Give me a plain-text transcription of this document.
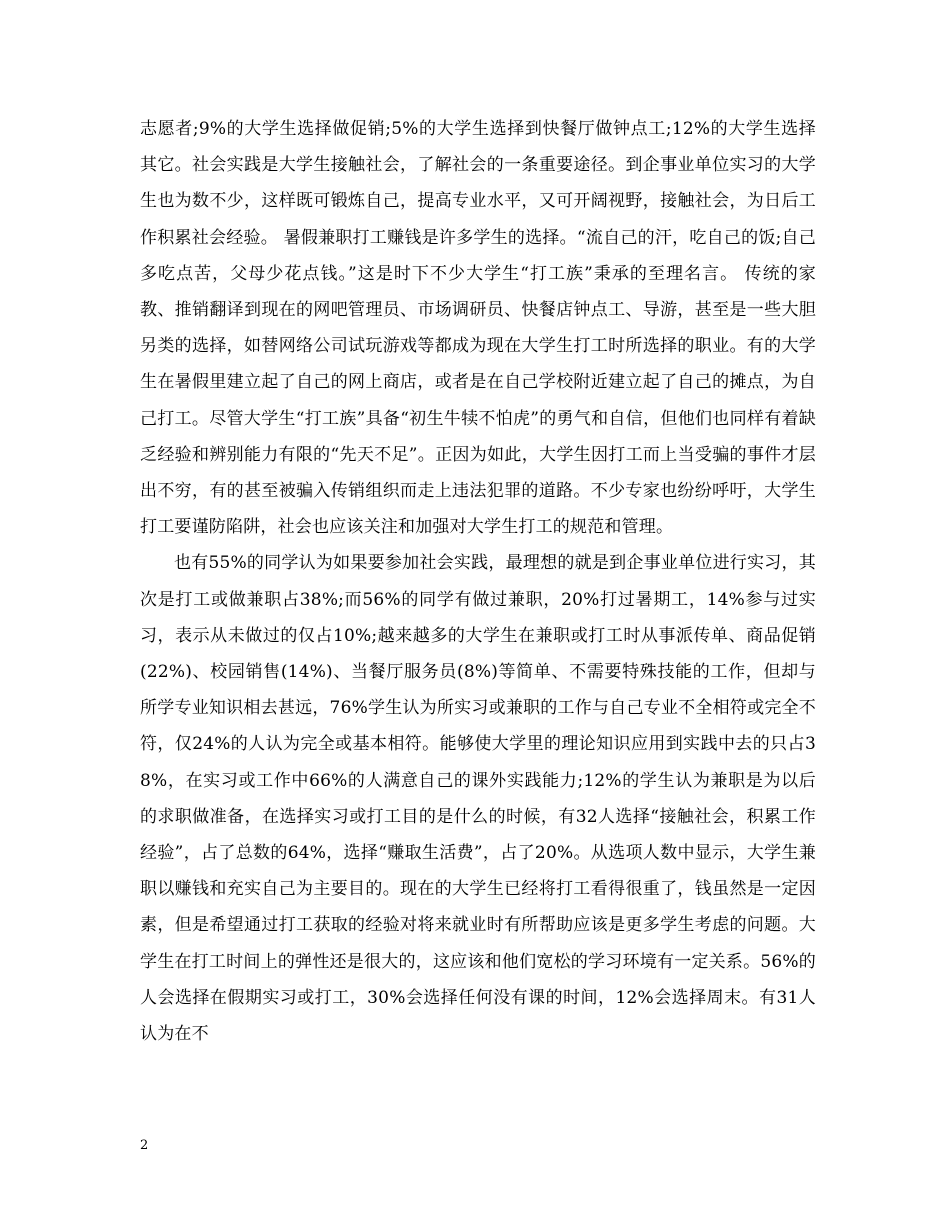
志愿者;9%的大学生选择做促销;5%的大学生选择到快餐厅做钟点工;12%的大学生选择其它。社会实践是大学生接触社会，了解社会的一条重要途径。到企事业单位实习的大学生也为数不少，这样既可锻炼自己，提高专业水平，又可开阔视野，接触社会，为日后工作积累社会经验。 暑假兼职打工赚钱是许多学生的选择。“流自己的汗，吃自己的饭;自己多吃点苦，父母少花点钱。”这是时下不少大学生“打工族”秉承的至理名言。 传统的家教、推销翻译到现在的网吧管理员、市场调研员、快餐店钟点工、导游，甚至是一些大胆另类的选择，如替网络公司试玩游戏等都成为现在大学生打工时所选择的职业。有的大学生在暑假里建立起了自己的网上商店，或者是在自己学校附近建立起了自己的摊点，为自己打工。尽管大学生“打工族”具备“初生牛犊不怕虎”的勇气和自信，但他们也同样有着缺乏经验和辨别能力有限的“先天不足”。正因为如此，大学生因打工而上当受骗的事件才层出不穷，有的甚至被骗入传销组织而走上违法犯罪的道路。不少专家也纷纷呼吁，大学生打工要谨防陷阱，社会也应该关注和加强对大学生打工的规范和管理。

也有55%的同学认为如果要参加社会实践，最理想的就是到企事业单位进行实习，其次是打工或做兼职占38%;而56%的同学有做过兼职，20%打过暑期工，14%参与过实习，表示从未做过的仅占10%;越来越多的大学生在兼职或打工时从事派传单、商品促销(22%)、校园销售(14%)、当餐厅服务员(8%)等简单、不需要特殊技能的工作，但却与所学专业知识相去甚远，76%学生认为所实习或兼职的工作与自己专业不全相符或完全不符，仅24%的人认为完全或基本相符。能够使大学里的理论知识应用到实践中去的只占38%，在实习或工作中66%的人满意自己的课外实践能力;12%的学生认为兼职是为以后的求职做准备，在选择实习或打工目的是什么的时候，有32人选择“接触社会，积累工作经验”，占了总数的64%，选择“赚取生活费”，占了20%。从选项人数中显示，大学生兼职以赚钱和充实自己为主要目的。现在的大学生已经将打工看得很重了，钱虽然是一定因素，但是希望通过打工获取的经验对将来就业时有所帮助应该是更多学生考虑的问题。大学生在打工时间上的弹性还是很大的，这应该和他们宽松的学习环境有一定关系。56%的人会选择在假期实习或打工，30%会选择任何没有课的时间，12%会选择周末。有31人认为在不

2
